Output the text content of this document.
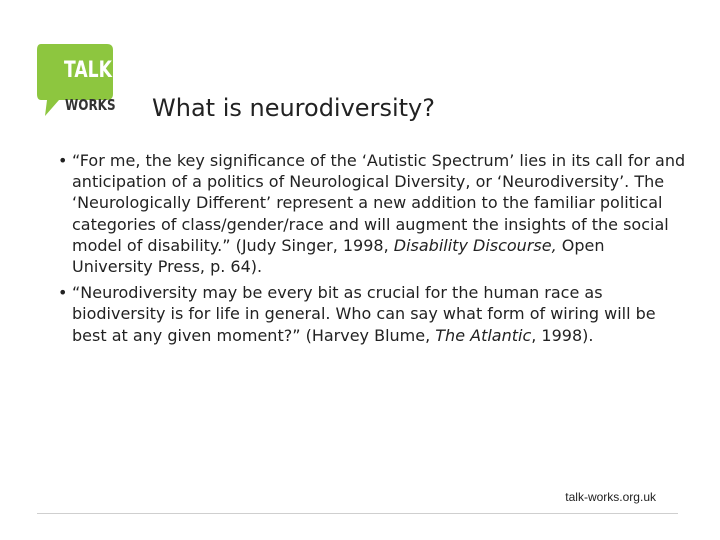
TALK
WORKS	What is neurodiversity?
• “For me, the key significance of the ‘Autistic Spectrum’ lies in its call for and anticipation of a politics of Neurological Diversity, or ‘Neurodiversity’. The ‘Neurologically Different’ represent a new addition to the familiar political categories of class/gender/race and will augment the insights of the social model of disability.” (Judy Singer, 1998, Disability Discourse, Open University Press, p. 64).
• “Neurodiversity may be every bit as crucial for the human race as biodiversity is for life in general. Who can say what form of wiring will be best at any given moment?” (Harvey Blume, The Atlantic, 1998).
talk-works.org.uk
